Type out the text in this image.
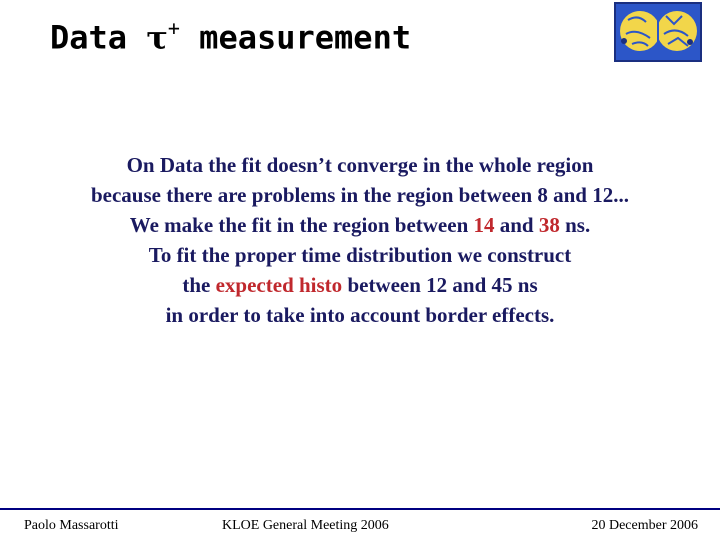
Data τ+ measurement
On Data the fit doesn’t converge in the whole region
because there are problems in the region between 8 and 12...
We make the fit in the region between 14 and 38 ns.
To fit the proper time distribution we construct
the expected histo between 12 and 45 ns
in order to take into account border effects.
Paolo Massarotti	KLOE General Meeting 2006	20 December 2006
